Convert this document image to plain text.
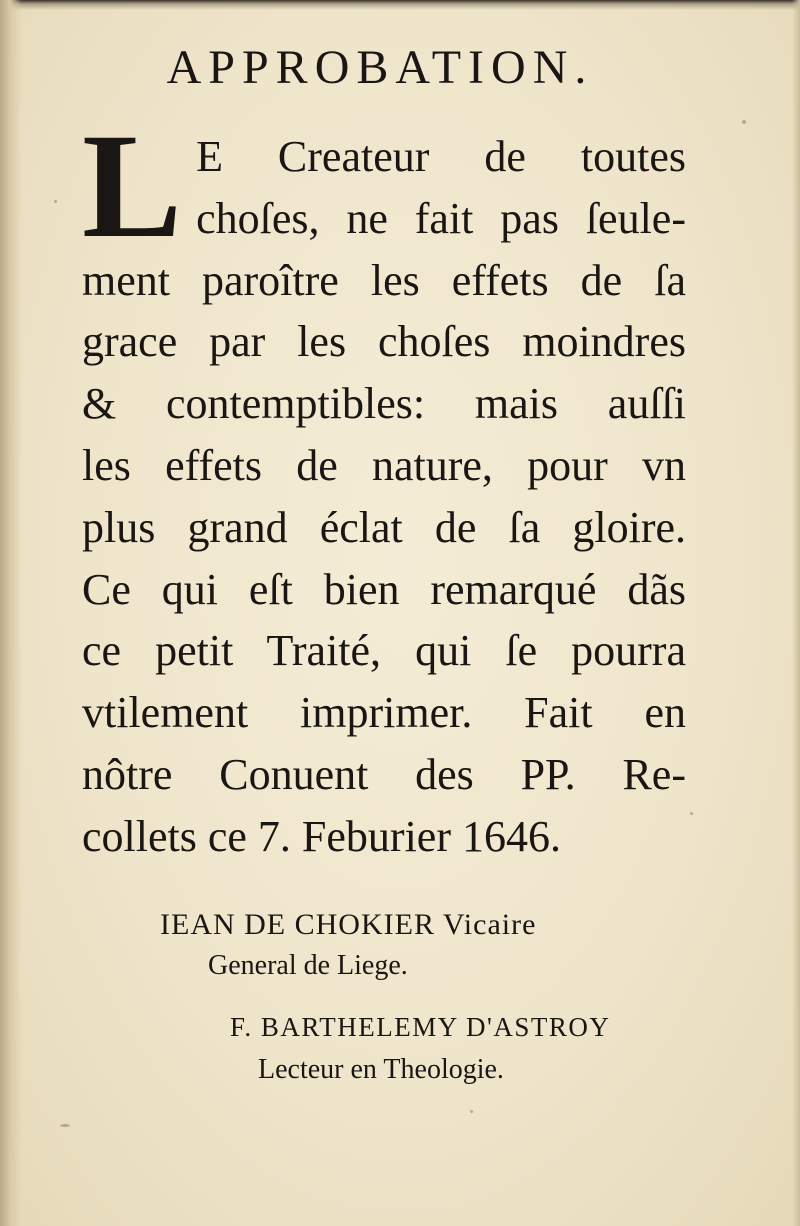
APPROBATION.
L E Createur de toutes
choſes, ne fait pas ſeule-
ment paroître les effets de ſa
grace par les choſes moindres
& contemptibles: mais auſſi
les effets de nature, pour vn
plus grand éclat de ſa gloire.
Ce qui eſt bien remarqué dãs
ce petit Traité, qui ſe pourra
vtilement imprimer. Fait en
nôtre Conuent des PP. Re-
collets ce 7. Feburier 1646.
IEAN DE CHOKIER Vicaire
General de Liege.
F. BARTHELEMY D'ASTROY
Lecteur en Theologie.
